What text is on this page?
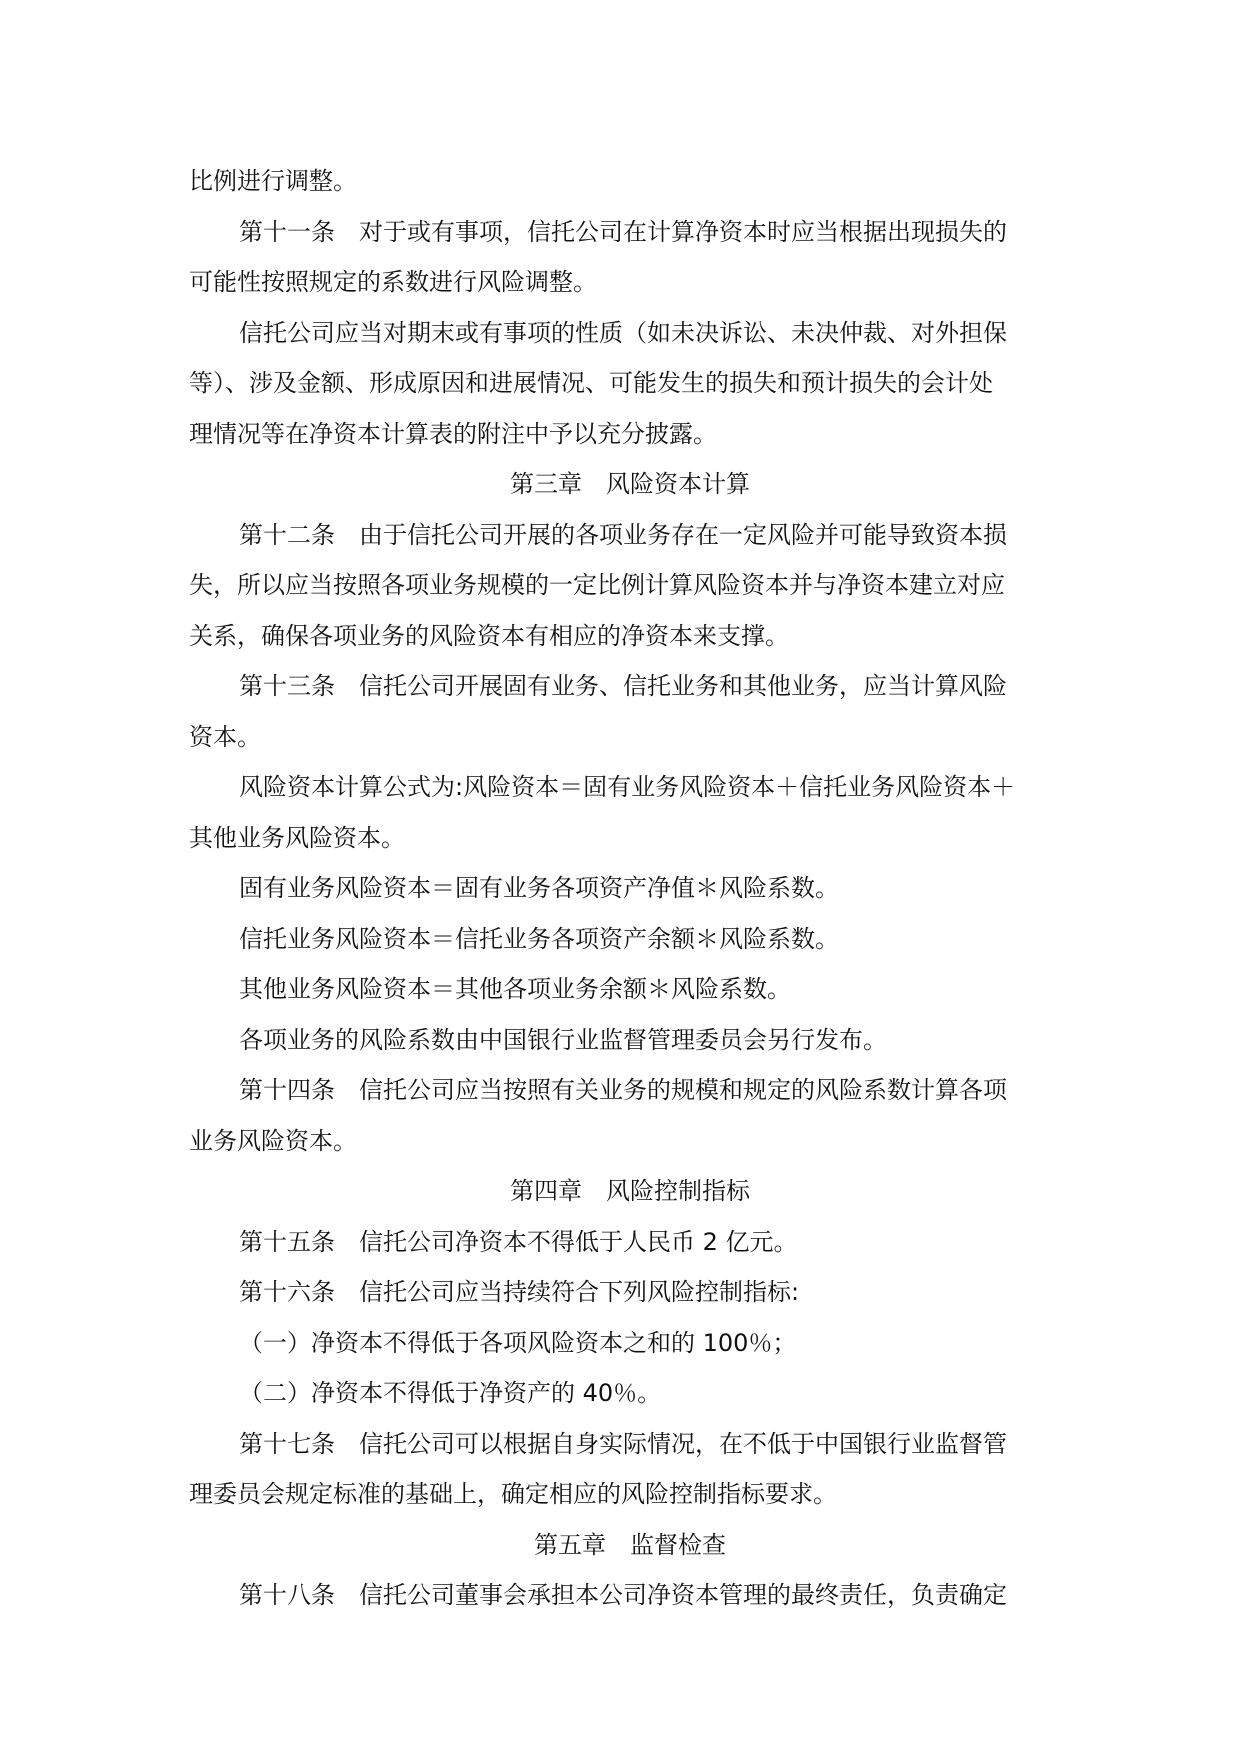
比例进行调整。
第十一条　对于或有事项，信托公司在计算净资本时应当根据出现损失的
可能性按照规定的系数进行风险调整。
信托公司应当对期末或有事项的性质（如未决诉讼、未决仲裁、对外担保
等）、涉及金额、形成原因和进展情况、可能发生的损失和预计损失的会计处
理情况等在净资本计算表的附注中予以充分披露。
第三章　风险资本计算
第十二条　由于信托公司开展的各项业务存在一定风险并可能导致资本损
失，所以应当按照各项业务规模的一定比例计算风险资本并与净资本建立对应
关系，确保各项业务的风险资本有相应的净资本来支撑。
第十三条　信托公司开展固有业务、信托业务和其他业务，应当计算风险
资本。
风险资本计算公式为:风险资本＝固有业务风险资本＋信托业务风险资本＋
其他业务风险资本。
固有业务风险资本＝固有业务各项资产净值＊风险系数。
信托业务风险资本＝信托业务各项资产余额＊风险系数。
其他业务风险资本＝其他各项业务余额＊风险系数。
各项业务的风险系数由中国银行业监督管理委员会另行发布。
第十四条　信托公司应当按照有关业务的规模和规定的风险系数计算各项
业务风险资本。
第四章　风险控制指标
第十五条　信托公司净资本不得低于人民币 2 亿元。
第十六条　信托公司应当持续符合下列风险控制指标:
（一）净资本不得低于各项风险资本之和的 100％；
（二）净资本不得低于净资产的 40％。
第十七条　信托公司可以根据自身实际情况，在不低于中国银行业监督管
理委员会规定标准的基础上，确定相应的风险控制指标要求。
第五章　监督检查
第十八条　信托公司董事会承担本公司净资本管理的最终责任，负责确定
